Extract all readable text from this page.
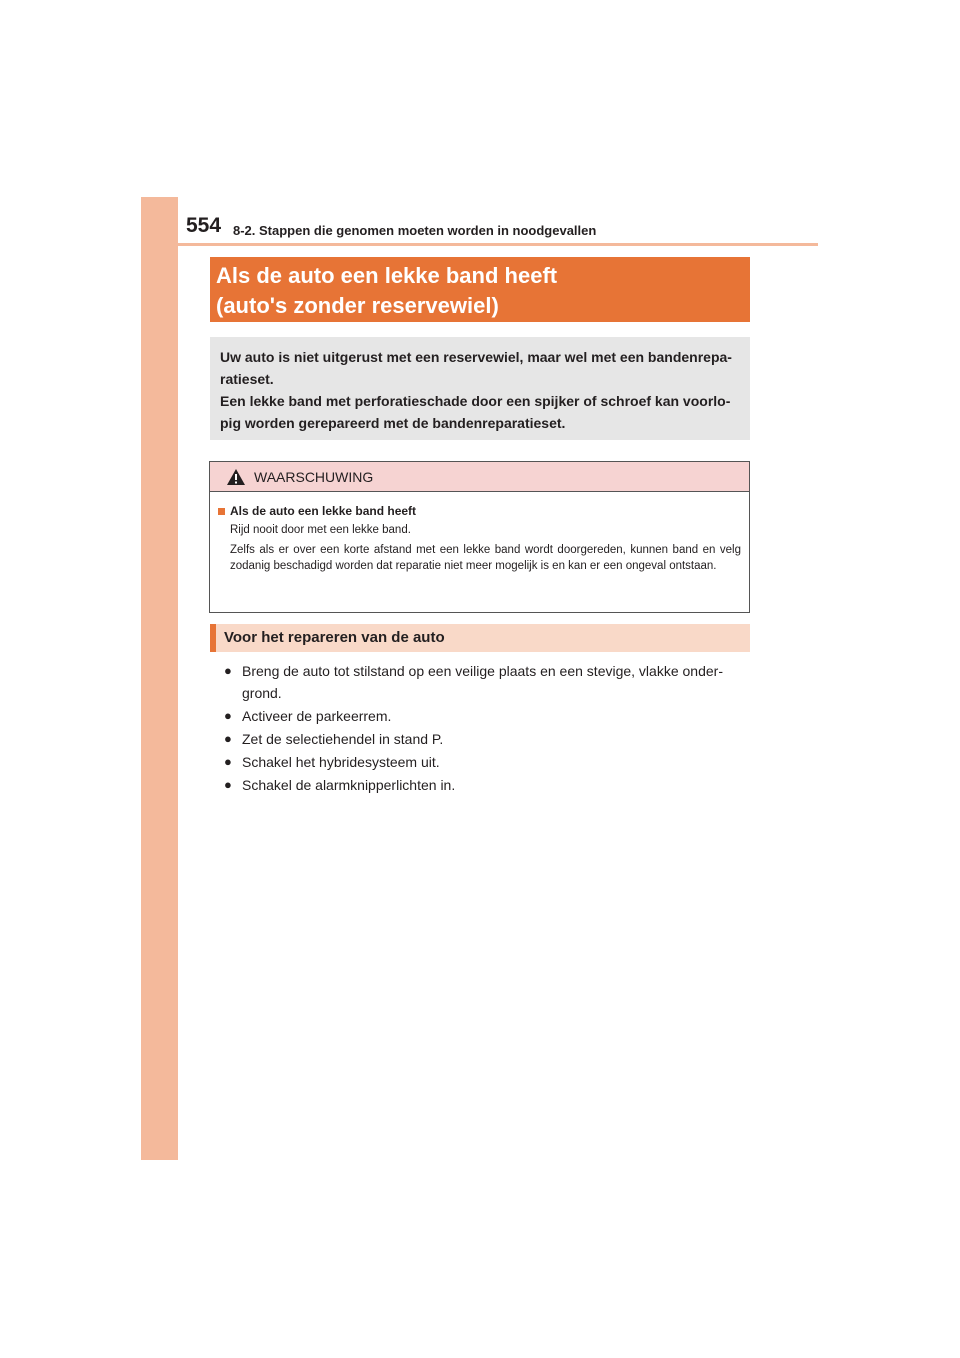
554 8-2. Stappen die genomen moeten worden in noodgevallen
Als de auto een lekke band heeft
(auto's zonder reservewiel)

Uw auto is niet uitgerust met een reservewiel, maar wel met een bandenrepa-ratieset.

Een lekke band met perforatieschade door een spijker of schroef kan voorlo-pig worden gerepareerd met de bandenreparatieset.

WAARSCHUWING
Als de auto een lekke band heeft

Rijd nooit door met een lekke band.

Zelfs als er over een korte afstand met een lekke band wordt doorgereden, kunnen band en velg zodanig beschadigd worden dat reparatie niet meer mogelijk is en kan er een ongeval ontstaan.

Voor het repareren van de auto
● Breng de auto tot stilstand op een veilige plaats en een stevige, vlakke onder-grond.
● Activeer de parkeerrem.
● Zet de selectiehendel in stand P.
● Schakel het hybridesysteem uit.
● Schakel de alarmknipperlichten in.
